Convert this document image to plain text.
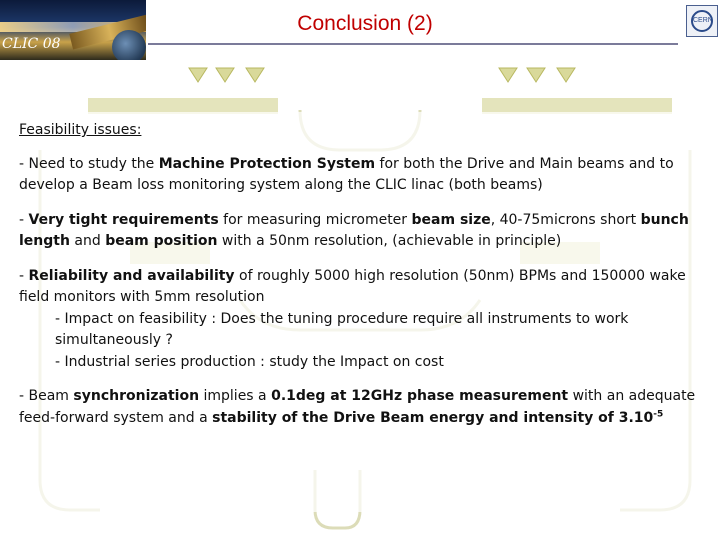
CLIC 08
Conclusion (2)	CERN
Feasibility issues:

- Need to study the Machine Protection System for both the Drive and Main beams and to develop a Beam loss monitoring system along the CLIC linac (both beams)

- Very tight requirements for measuring micrometer beam size, 40-75microns short bunch length and beam position with a 50nm resolution, (achievable in principle)

- Reliability and availability of roughly 5000 high resolution (50nm) BPMs and 150000 wake field monitors with 5mm resolution

- Impact on feasibility : Does the tuning procedure require all instruments to work simultaneously ?
- Industrial series production : study the Impact on cost

- Beam synchronization implies a 0.1deg at 12GHz phase measurement with an adequate feed-forward system and a stability of the Drive Beam energy and intensity of $3.10^{-5}$
